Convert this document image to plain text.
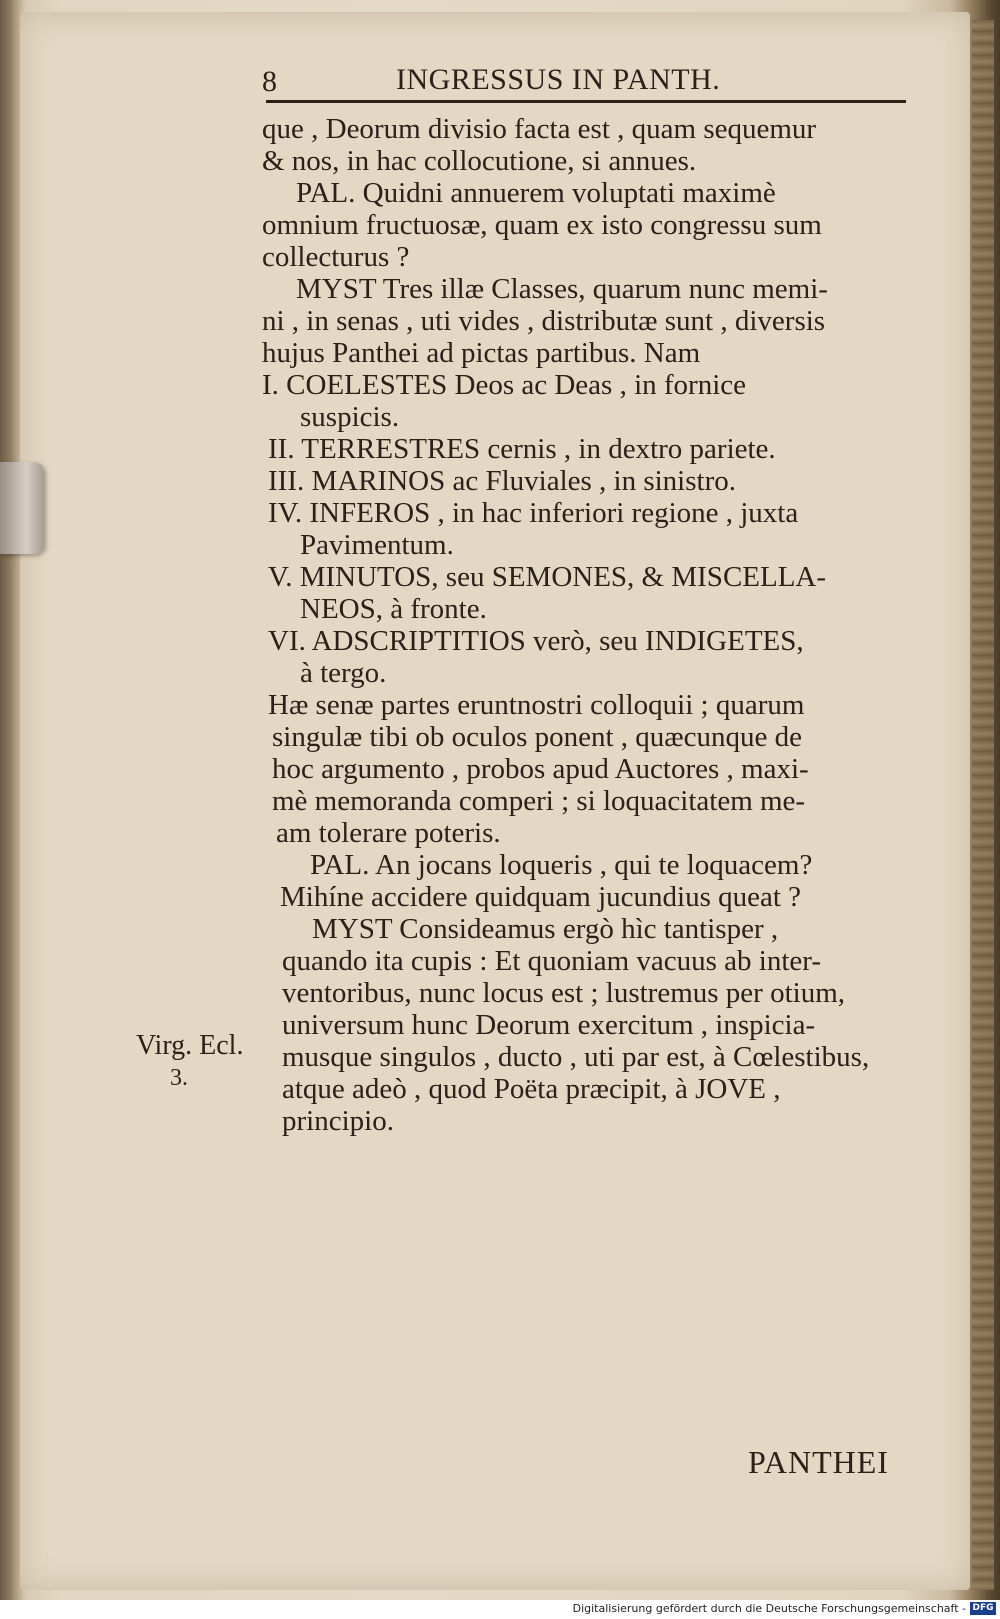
8	INGRESSUS IN PANTH.
que , Deorum divisio facta est , quam sequemur
& nos, in hac collocutione, si annues.
PAL. Quidni annuerem voluptati maximè
omnium fructuosæ, quam ex isto congressu sum
collecturus ?
MYST Tres illæ Classes, quarum nunc memi-
ni , in senas , uti vides , distributæ sunt , diversis
hujus Panthei ad pictas partibus. Nam
I. COELESTES Deos ac Deas , in fornice
suspicis.
II. TERRESTRES cernis , in dextro pariete.
III. MARINOS ac Fluviales , in sinistro.
IV. INFEROS , in hac inferiori regione , juxta
Pavimentum.
V. MINUTOS, seu SEMONES, & MISCELLA-
NEOS, à fronte.
VI. ADSCRIPTITIOS verò, seu INDIGETES,
à tergo.
Hæ senæ partes eruntnostri colloquii ; quarum
singulæ tibi ob oculos ponent , quæcunque de
hoc argumento , probos apud Auctores , maxi-
mè memoranda comperi ; si loquacitatem me-
am tolerare poteris.
PAL. An jocans loqueris , qui te loquacem?
Mihíne accidere quidquam jucundius queat ?
MYST Consideamus ergò hìc tantisper ,
quando ita cupis : Et quoniam vacuus ab inter-
ventoribus, nunc locus est ; lustremus per otium,
universum hunc Deorum exercitum , inspicia-
musque singulos , ducto , uti par est, à Cœlestibus,
atque adeò , quod Poëta præcipit, à JOVE ,
principio.
Virg. Ecl.
3.
PANTHEI
Digitalisierung gefördert durch die Deutsche Forschungsgemeinschaft - DFG
